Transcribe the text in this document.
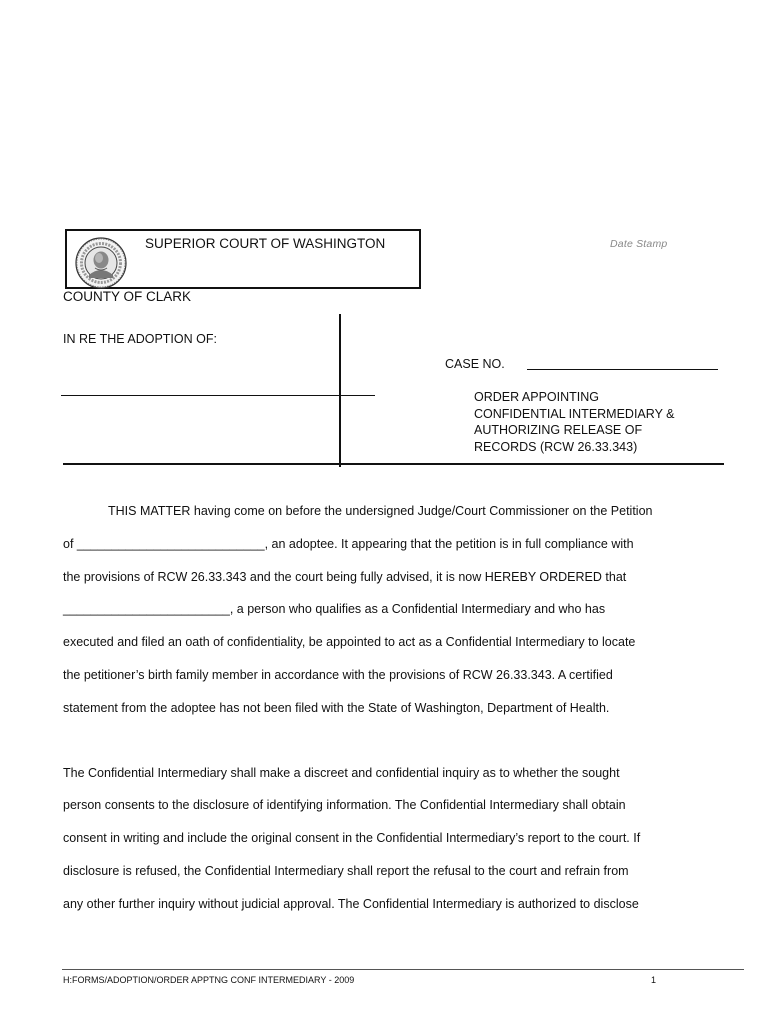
SUPERIOR COURT OF WASHINGTON	Date Stamp
COUNTY OF CLARK
IN RE THE ADOPTION OF:
CASE NO.
ORDER APPOINTING
CONFIDENTIAL INTERMEDIARY &
AUTHORIZING RELEASE OF
RECORDS (RCW 26.33.343)
THIS MATTER having come on before the undersigned Judge/Court Commissioner on the Petition
of ___________________________, an adoptee. It appearing that the petition is in full compliance with
the provisions of RCW 26.33.343 and the court being fully advised, it is now HEREBY ORDERED that
________________________, a person who qualifies as a Confidential Intermediary and who has
executed and filed an oath of confidentiality, be appointed to act as a Confidential Intermediary to locate
the petitioner’s birth family member in accordance with the provisions of RCW 26.33.343. A certified
statement from the adoptee has not been filed with the State of Washington, Department of Health.
The Confidential Intermediary shall make a discreet and confidential inquiry as to whether the sought
person consents to the disclosure of identifying information. The Confidential Intermediary shall obtain
consent in writing and include the original consent in the Confidential Intermediary’s report to the court. If
disclosure is refused, the Confidential Intermediary shall report the refusal to the court and refrain from
any other further inquiry without judicial approval. The Confidential Intermediary is authorized to disclose
H:FORMS/ADOPTION/ORDER APPTNG CONF INTERMEDIARY - 2009	1
